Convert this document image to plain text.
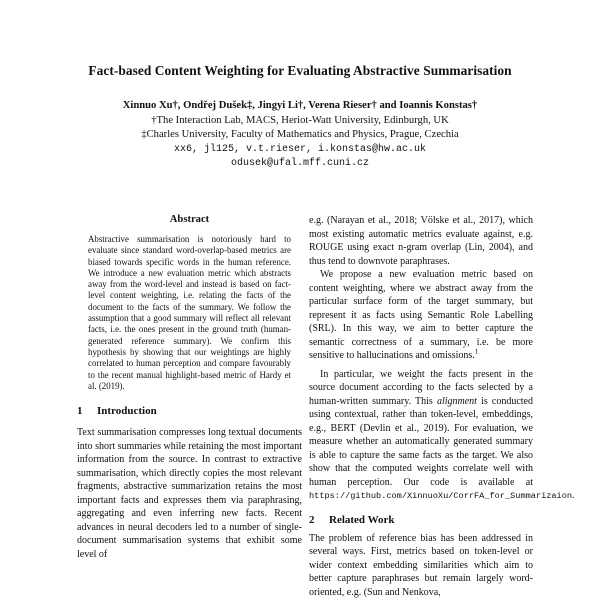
Fact-based Content Weighting for Evaluating Abstractive Summarisation
Xinnuo Xu†, Ondřej Dušek‡, Jingyi Li†, Verena Rieser† and Ioannis Konstas†
†The Interaction Lab, MACS, Heriot-Watt University, Edinburgh, UK
‡Charles University, Faculty of Mathematics and Physics, Prague, Czechia
xx6, jl125, v.t.rieser, i.konstas@hw.ac.uk
odusek@ufal.mff.cuni.cz
Abstract

Abstractive summarisation is notoriously hard to evaluate since standard word-overlap-based metrics are biased towards specific words in the human reference. We introduce a new evaluation metric which abstracts away from the word-level and instead is based on fact-level content weighting, i.e. relating the facts of the document to the facts of the summary. We follow the assumption that a good summary will reflect all relevant facts, i.e. the ones present in the ground truth (human-generated reference summary). We confirm this hypothesis by showing that our weightings are highly correlated to human perception and compare favourably to the recent manual highlight-based metric of Hardy et al. (2019).

1 Introduction

Text summarisation compresses long textual documents into short summaries while retaining the most important information from the source. In contrast to extractive summarisation, which directly copies the most relevant fragments, abstractive summarization retains the most important facts and expresses them via paraphrasing, aggregating and even inferring new facts. Recent advances in neural decoders led to a number of single-document summarisation systems that exhibit some level of

e.g. (Narayan et al., 2018; Völske et al., 2017), which most existing automatic metrics evaluate against, e.g. ROUGE using exact n-gram overlap (Lin, 2004), and thus tend to downvote paraphrases.

We propose a new evaluation metric based on content weighting, where we abstract away from the particular surface form of the target summary, but represent it as facts using Semantic Role Labelling (SRL). In this way, we aim to better capture the semantic correctness of a summary, i.e. be more sensitive to hallucinations and omissions.$^1$

In particular, we weight the facts present in the source document according to the facts selected by a human-written summary. This alignment is conducted using contextual, rather than token-level, embeddings, e.g., BERT (Devlin et al., 2019). For evaluation, we measure whether an automatically generated summary is able to capture the same facts as the target. We also show that the computed weights correlate well with human perception. Our code is available at https://github.com/XinnuoXu/CorrFA_for_Summarizaion.

2 Related Work

The problem of reference bias has been addressed in several ways. First, metrics based on token-level or wider context embedding similarities which aim to better capture paraphrases but remain largely word-oriented, e.g. (Sun and Nenkova,
